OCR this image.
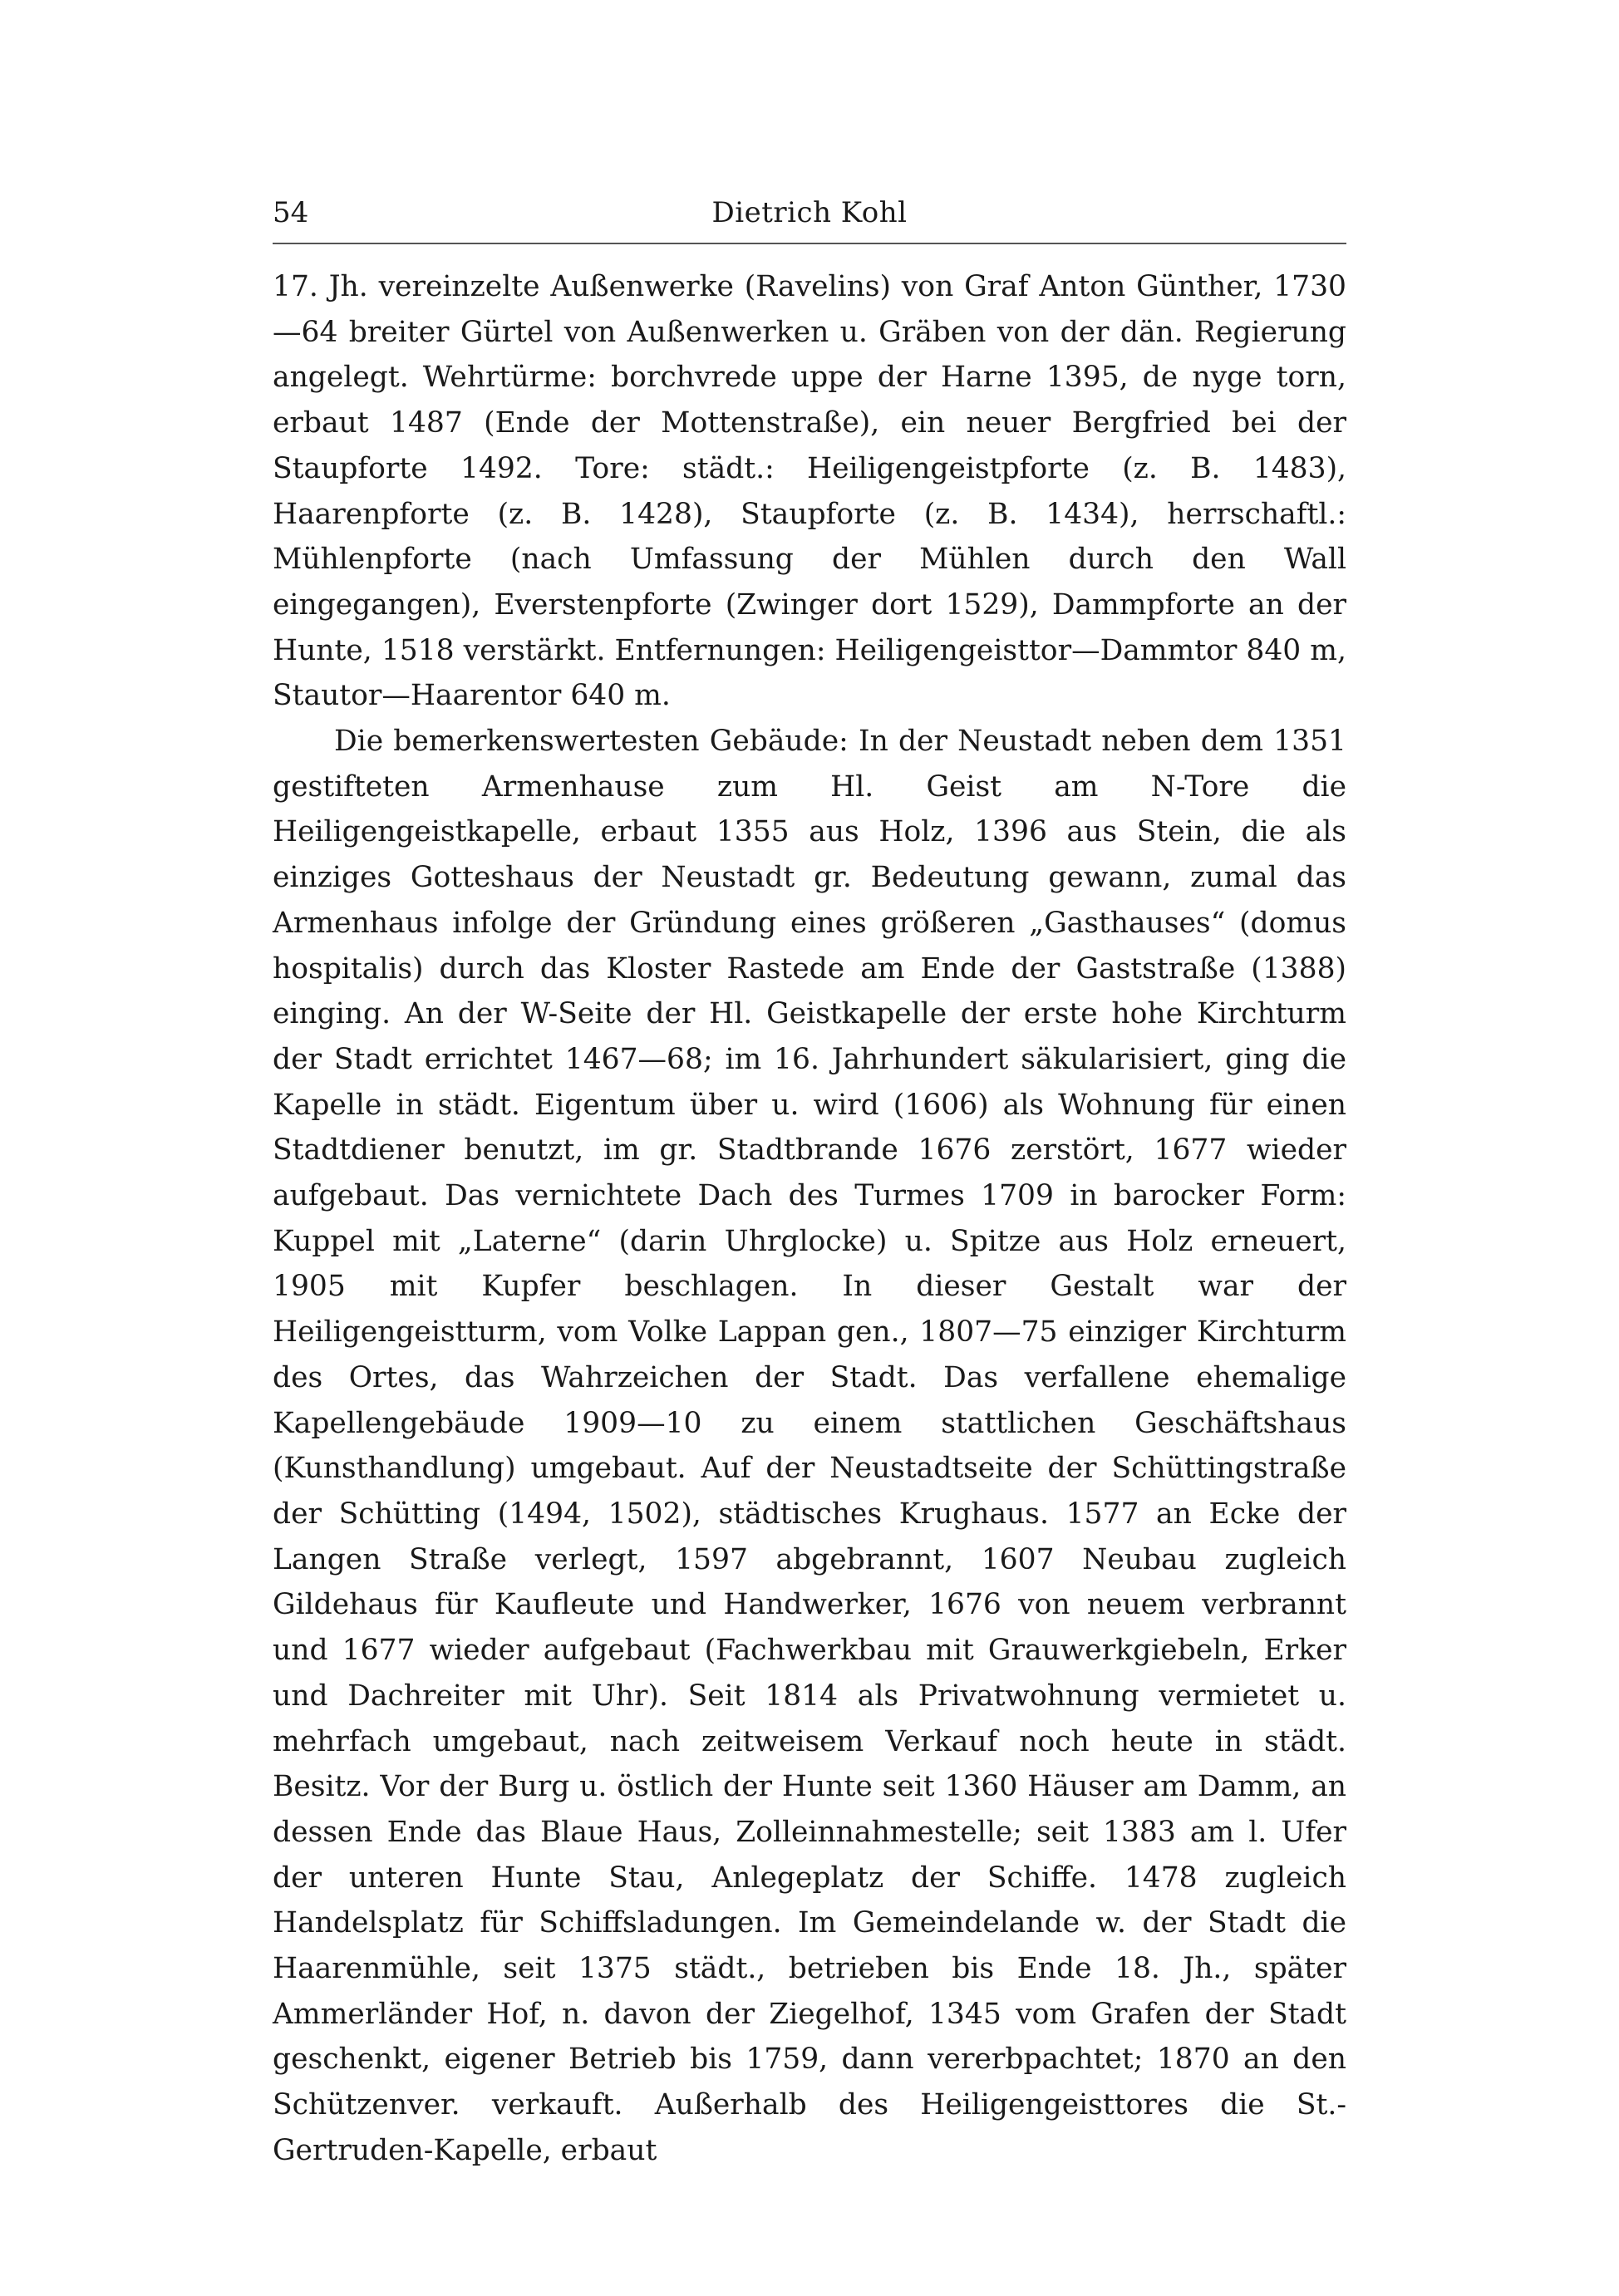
54	Dietrich Kohl

17. Jh. vereinzelte Außenwerke (Ravelins) von Graf Anton Günther, 1730—64 breiter Gürtel von Außenwerken u. Gräben von der dän. Regierung angelegt. Wehrtürme: borchvrede uppe der Harne 1395, de nyge torn, erbaut 1487 (Ende der Mottenstraße), ein neuer Bergfried bei der Staupforte 1492. Tore: städt.: Heiligengeistpforte (z. B. 1483), Haarenpforte (z. B. 1428), Staupforte (z. B. 1434), herrschaftl.: Mühlenpforte (nach Umfassung der Mühlen durch den Wall eingegangen), Everstenpforte (Zwinger dort 1529), Dammpforte an der Hunte, 1518 verstärkt. Entfernungen: Heiligengeisttor—Dammtor 840 m, Stautor—Haarentor 640 m.

Die bemerkenswertesten Gebäude: In der Neustadt neben dem 1351 gestifteten Armenhause zum Hl. Geist am N-Tore die Heiligengeistkapelle, erbaut 1355 aus Holz, 1396 aus Stein, die als einziges Gotteshaus der Neustadt gr. Bedeutung gewann, zumal das Armenhaus infolge der Gründung eines größeren „Gasthauses“ (domus hospitalis) durch das Kloster Rastede am Ende der Gaststraße (1388) einging. An der W-Seite der Hl. Geistkapelle der erste hohe Kirchturm der Stadt errichtet 1467—68; im 16. Jahrhundert säkularisiert, ging die Kapelle in städt. Eigentum über u. wird (1606) als Wohnung für einen Stadtdiener benutzt, im gr. Stadtbrande 1676 zerstört, 1677 wieder aufgebaut. Das vernichtete Dach des Turmes 1709 in barocker Form: Kuppel mit „Laterne“ (darin Uhrglocke) u. Spitze aus Holz erneuert, 1905 mit Kupfer beschlagen. In dieser Gestalt war der Heiligengeistturm, vom Volke Lappan gen., 1807—75 einziger Kirchturm des Ortes, das Wahrzeichen der Stadt. Das verfallene ehemalige Kapellengebäude 1909—10 zu einem stattlichen Geschäftshaus (Kunsthandlung) umgebaut. Auf der Neustadtseite der Schüttingstraße der Schütting (1494, 1502), städtisches Krughaus. 1577 an Ecke der Langen Straße verlegt, 1597 abgebrannt, 1607 Neubau zugleich Gildehaus für Kaufleute und Handwerker, 1676 von neuem verbrannt und 1677 wieder aufgebaut (Fachwerkbau mit Grauwerkgiebeln, Erker und Dachreiter mit Uhr). Seit 1814 als Privatwohnung vermietet u. mehrfach umgebaut, nach zeitweisem Verkauf noch heute in städt. Besitz. Vor der Burg u. östlich der Hunte seit 1360 Häuser am Damm, an dessen Ende das Blaue Haus, Zolleinnahmestelle; seit 1383 am l. Ufer der unteren Hunte Stau, Anlegeplatz der Schiffe. 1478 zugleich Handelsplatz für Schiffsladungen. Im Gemeindelande w. der Stadt die Haarenmühle, seit 1375 städt., betrieben bis Ende 18. Jh., später Ammerländer Hof, n. davon der Ziegelhof, 1345 vom Grafen der Stadt geschenkt, eigener Betrieb bis 1759, dann vererbpachtet; 1870 an den Schützenver. verkauft. Außerhalb des Heiligengeisttores die St.-Gertruden-Kapelle, erbaut
